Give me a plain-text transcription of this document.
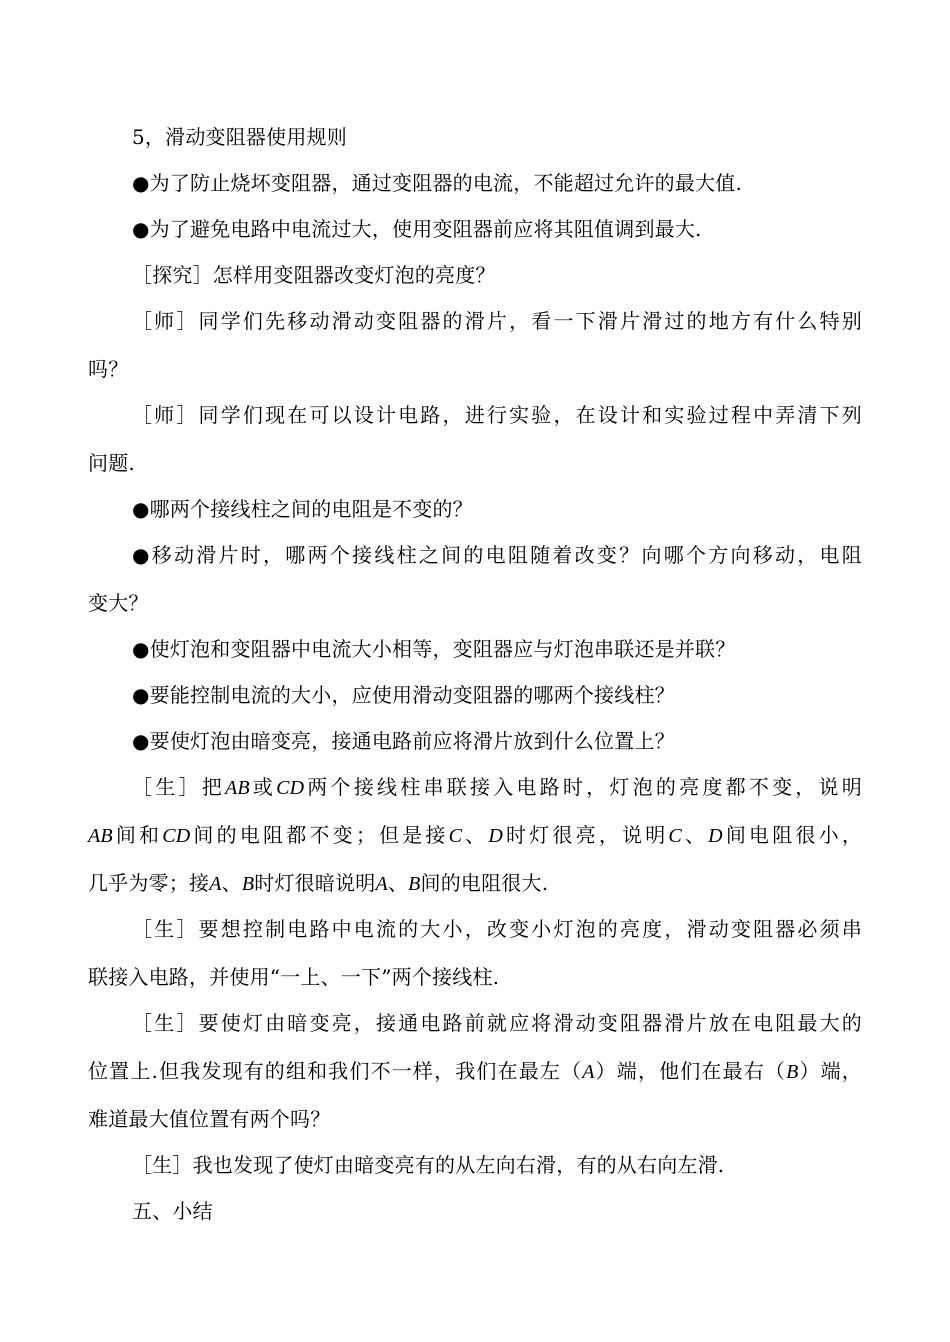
5，滑动变阻器使用规则
●为了防止烧坏变阻器，通过变阻器的电流，不能超过允许的最大值.
●为了避免电路中电流过大，使用变阻器前应将其阻值调到最大.
［探究］怎样用变阻器改变灯泡的亮度？
［师］同学们先移动滑动变阻器的滑片，看一下滑片滑过的地方有什么特别
吗？
［师］同学们现在可以设计电路，进行实验，在设计和实验过程中弄清下列
问题.
●哪两个接线柱之间的电阻是不变的？
●移动滑片时，哪两个接线柱之间的电阻随着改变？向哪个方向移动，电阻
变大？
●使灯泡和变阻器中电流大小相等，变阻器应与灯泡串联还是并联？
●要能控制电流的大小，应使用滑动变阻器的哪两个接线柱？
●要使灯泡由暗变亮，接通电路前应将滑片放到什么位置上？
［生］把AB或CD两个接线柱串联接入电路时，灯泡的亮度都不变，说明
AB间和CD间的电阻都不变；但是接C、D时灯很亮，说明C、D间电阻很小，
几乎为零；接A、B时灯很暗说明A、B间的电阻很大.
［生］要想控制电路中电流的大小，改变小灯泡的亮度，滑动变阻器必须串
联接入电路，并使用“一上、一下”两个接线柱.
［生］要使灯由暗变亮，接通电路前就应将滑动变阻器滑片放在电阻最大的
位置上.但我发现有的组和我们不一样，我们在最左（A）端，他们在最右（B）端，
难道最大值位置有两个吗？
［生］我也发现了使灯由暗变亮有的从左向右滑，有的从右向左滑.
五、小结
